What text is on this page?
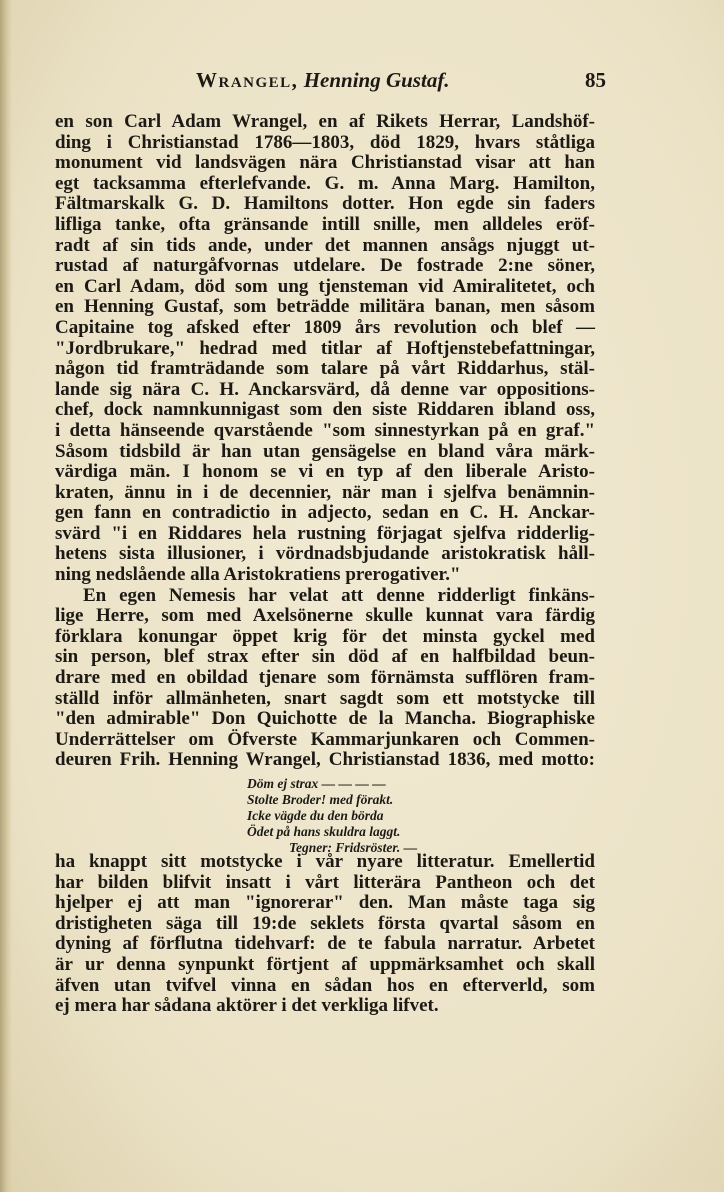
Wrangel, Henning Gustaf.	85
en son Carl Adam Wrangel, en af Rikets Herrar, Landshöf-
ding i Christianstad 1786—1803, död 1829, hvars ståtliga
monument vid landsvägen nära Christianstad visar att han
egt tacksamma efterlefvande. G. m. Anna Marg. Hamilton,
Fältmarskalk G. D. Hamiltons dotter. Hon egde sin faders
lifliga tanke, ofta gränsande intill snille, men alldeles eröf-
radt af sin tids ande, under det mannen ansågs njuggt ut-
rustad af naturgåfvornas utdelare. De fostrade 2:ne söner,
en Carl Adam, död som ung tjensteman vid Amiralitetet, och
en Henning Gustaf, som beträdde militära banan, men såsom
Capitaine tog afsked efter 1809 års revolution och blef —
"Jordbrukare," hedrad med titlar af Hoftjenstebefattningar,
någon tid framträdande som talare på vårt Riddarhus, stäl-
lande sig nära C. H. Anckarsvärd, då denne var oppositions-
chef, dock namnkunnigast som den siste Riddaren ibland oss,
i detta hänseende qvarstående "som sinnestyrkan på en graf."
Såsom tidsbild är han utan gensägelse en bland våra märk-
värdiga män. I honom se vi en typ af den liberale Aristo-
kraten, ännu in i de decennier, när man i sjelfva benämnin-
gen fann en contradictio in adjecto, sedan en C. H. Anckar-
svärd "i en Riddares hela rustning förjagat sjelfva ridderlig-
hetens sista illusioner, i vördnadsbjudande aristokratisk håll-
ning nedslående alla Aristokratiens prerogativer."
En egen Nemesis har velat att denne ridderligt finkäns-
lige Herre, som med Axelsönerne skulle kunnat vara färdig
förklara konungar öppet krig för det minsta gyckel med
sin person, blef strax efter sin död af en halfbildad beun-
drare med en obildad tjenare som förnämsta sufflören fram-
ställd inför allmänheten, snart sagdt som ett motstycke till
"den admirable" Don Quichotte de la Mancha. Biographiske
Underrättelser om Öfverste Kammarjunkaren och Commen-
deuren Frih. Henning Wrangel, Christianstad 1836, med motto:
Döm ej strax — — — —
Stolte Broder! med förakt.
Icke vägde du den börda
Ödet på hans skuldra laggt.
Tegner: Fridsröster. —
ha knappt sitt motstycke i vår nyare litteratur. Emellertid
har bilden blifvit insatt i vårt litterära Pantheon och det
hjelper ej att man "ignorerar" den. Man måste taga sig
dristigheten säga till 19:de seklets första qvartal såsom en
dyning af förflutna tidehvarf: de te fabula narratur. Arbetet
är ur denna synpunkt förtjent af uppmärksamhet och skall
äfven utan tvifvel vinna en sådan hos en efterverld, som
ej mera har sådana aktörer i det verkliga lifvet.
